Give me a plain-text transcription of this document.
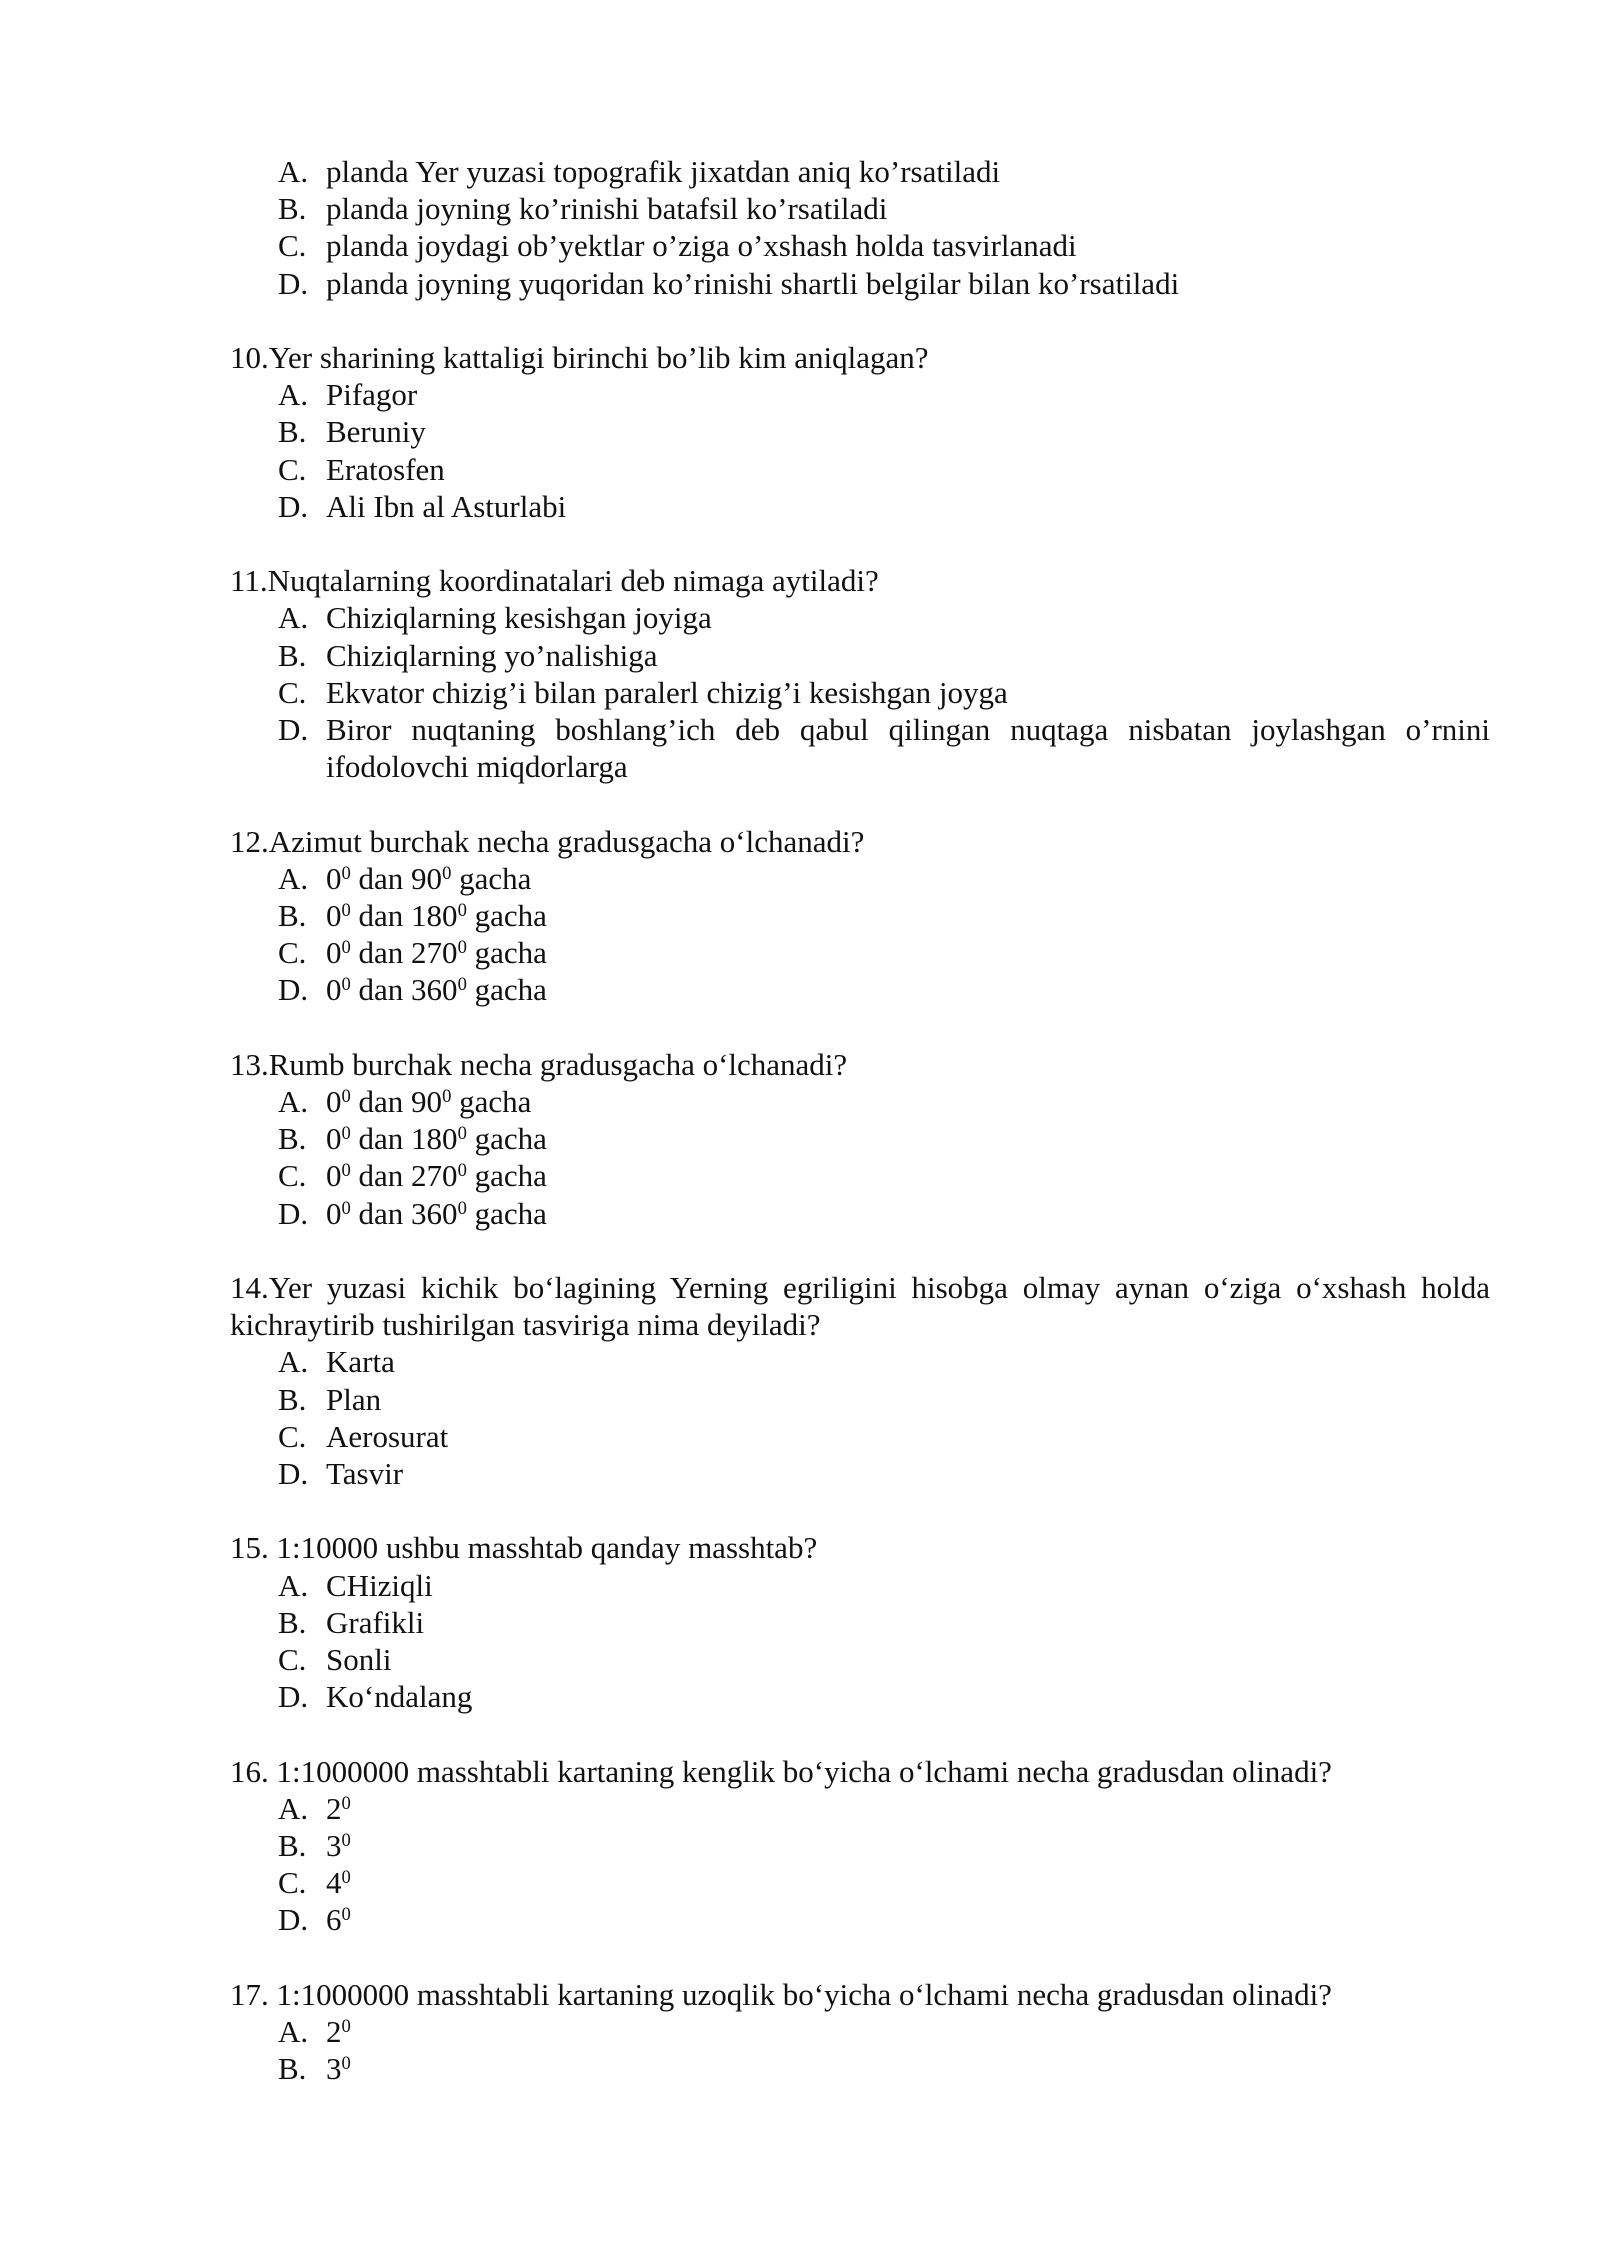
A. planda Yer yuzasi topografik jixatdan aniq ko’rsatiladi
B. planda joyning ko’rinishi batafsil ko’rsatiladi
C. planda joydagi ob’yektlar o’ziga o’xshash holda tasvirlanadi
D. planda joyning yuqoridan ko’rinishi shartli belgilar bilan ko’rsatiladi
10.Yer sharining kattaligi birinchi bo’lib kim aniqlagan?
A. Pifagor
B. Beruniy
C. Eratosfen
D. Ali Ibn al Asturlabi
11.Nuqtalarning koordinatalari deb nimaga aytiladi?
A. Chiziqlarning kesishgan joyiga
B. Chiziqlarning yo’nalishiga
C. Ekvator chizig’i bilan paralerl chizig’i kesishgan joyga
D. Biror nuqtaning boshlang’ich deb qabul qilingan nuqtaga nisbatan joylashgan o’rnini ifodolovchi miqdorlarga
12.Azimut burchak necha gradusgacha o‘lchanadi?
A. $0^0$ dan $90^0$ gacha
B. $0^0$ dan $180^0$ gacha
C. $0^0$ dan $270^0$ gacha
D. $0^0$ dan $360^0$ gacha
13.Rumb burchak necha gradusgacha o‘lchanadi?
A. $0^0$ dan $90^0$ gacha
B. $0^0$ dan $180^0$ gacha
C. $0^0$ dan $270^0$ gacha
D. $0^0$ dan $360^0$ gacha
14.Yer yuzasi kichik bo‘lagining Yerning egriligini hisobga olmay aynan o‘ziga o‘xshash holda kichraytirib tushirilgan tasviriga nima deyiladi?
A. Karta
B. Plan
C. Aerosurat
D. Tasvir
15. 1:10000 ushbu masshtab qanday masshtab?
A. CHiziqli
B. Grafikli
C. Sonli
D. Ko‘ndalang
16. 1:1000000 masshtabli kartaning kenglik bo‘yicha o‘lchami necha gradusdan olinadi?
A. $2^0$
B. $3^0$
C. $4^0$
D. $6^0$
17. 1:1000000 masshtabli kartaning uzoqlik bo‘yicha o‘lchami necha gradusdan olinadi?
A. $2^0$
B. $3^0$
